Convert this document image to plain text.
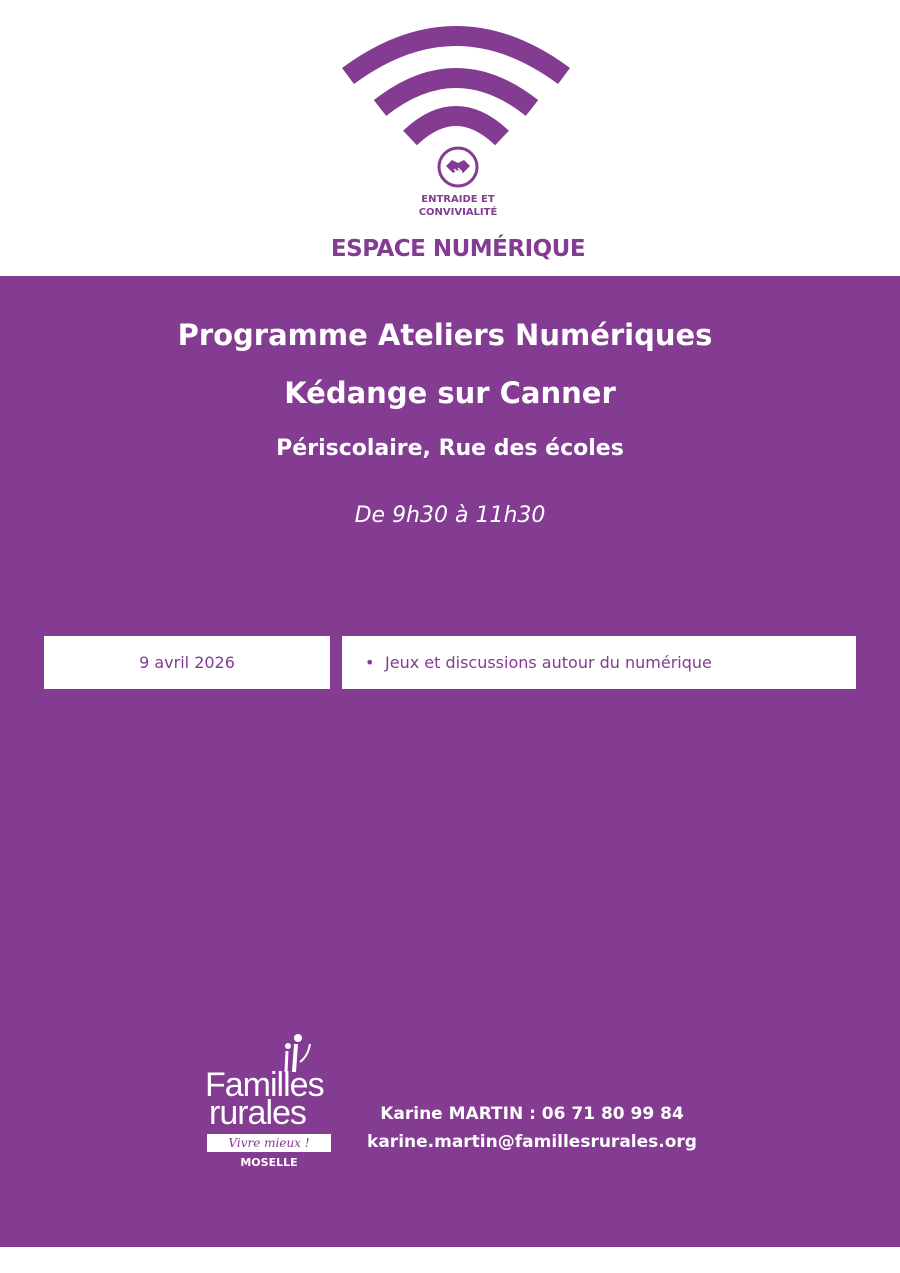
ENTRAIDE ET
CONVIVIALITÉ
ESPACE NUMÉRIQUE
Programme Ateliers Numériques
Kédange sur Canner
Périscolaire, Rue des écoles
De 9h30 à 11h30
9 avril 2026
•	Jeux et discussions autour du numérique
Familles
rurales
Vivre mieux !
MOSELLE
Karine MARTIN : 06 71 80 99 84
karine.martin@famillesrurales.org
